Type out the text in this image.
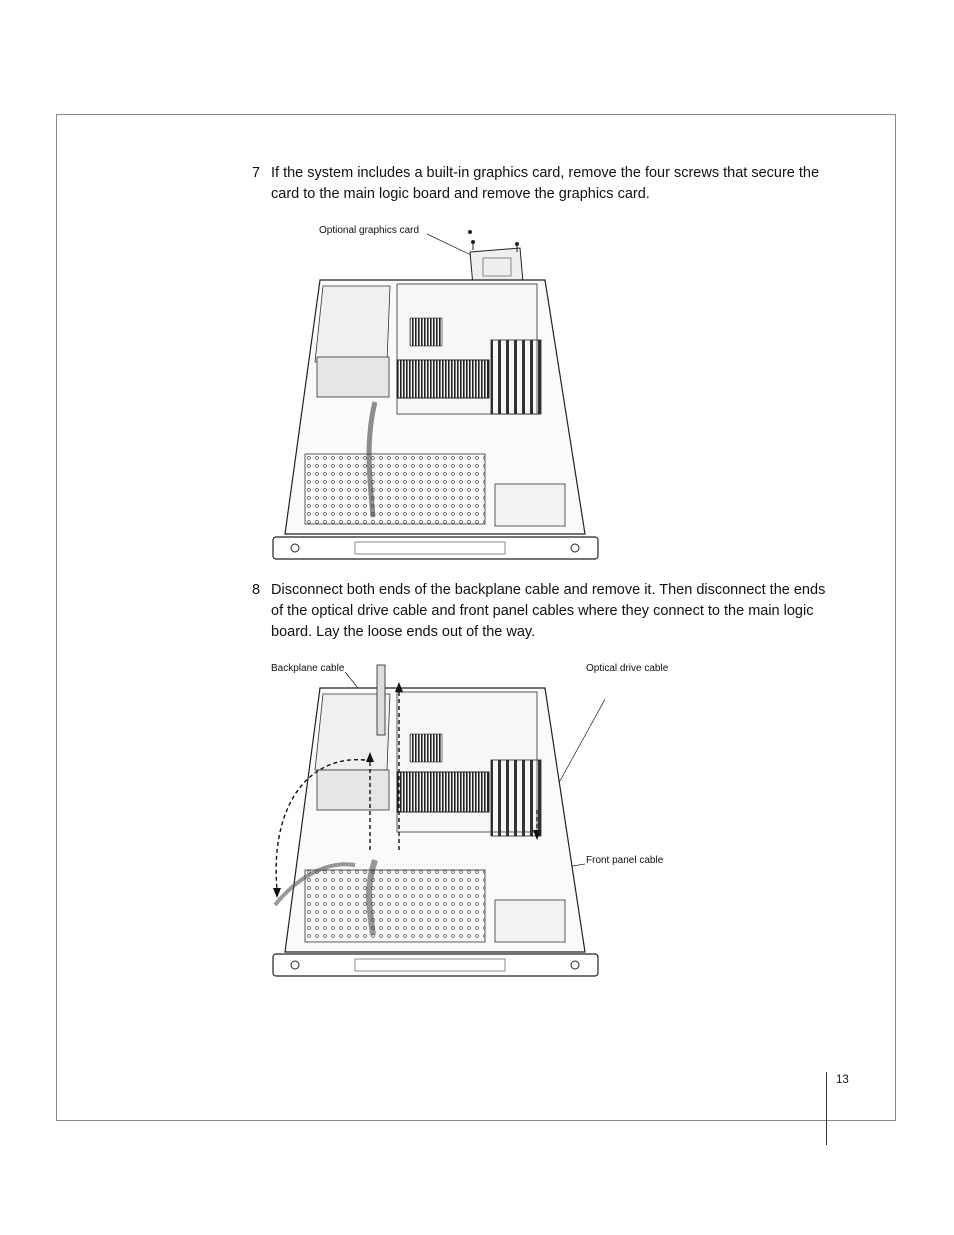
7 If the system includes a built-in graphics card, remove the four screws that secure the card to the main logic board and remove the graphics card.
Optional graphics card
8 Disconnect both ends of the backplane cable and remove it. Then disconnect the ends of the optical drive cable and front panel cables where they connect to the main logic board. Lay the loose ends out of the way.
Backplane cable	Optical drive cable
Front panel cable
13
